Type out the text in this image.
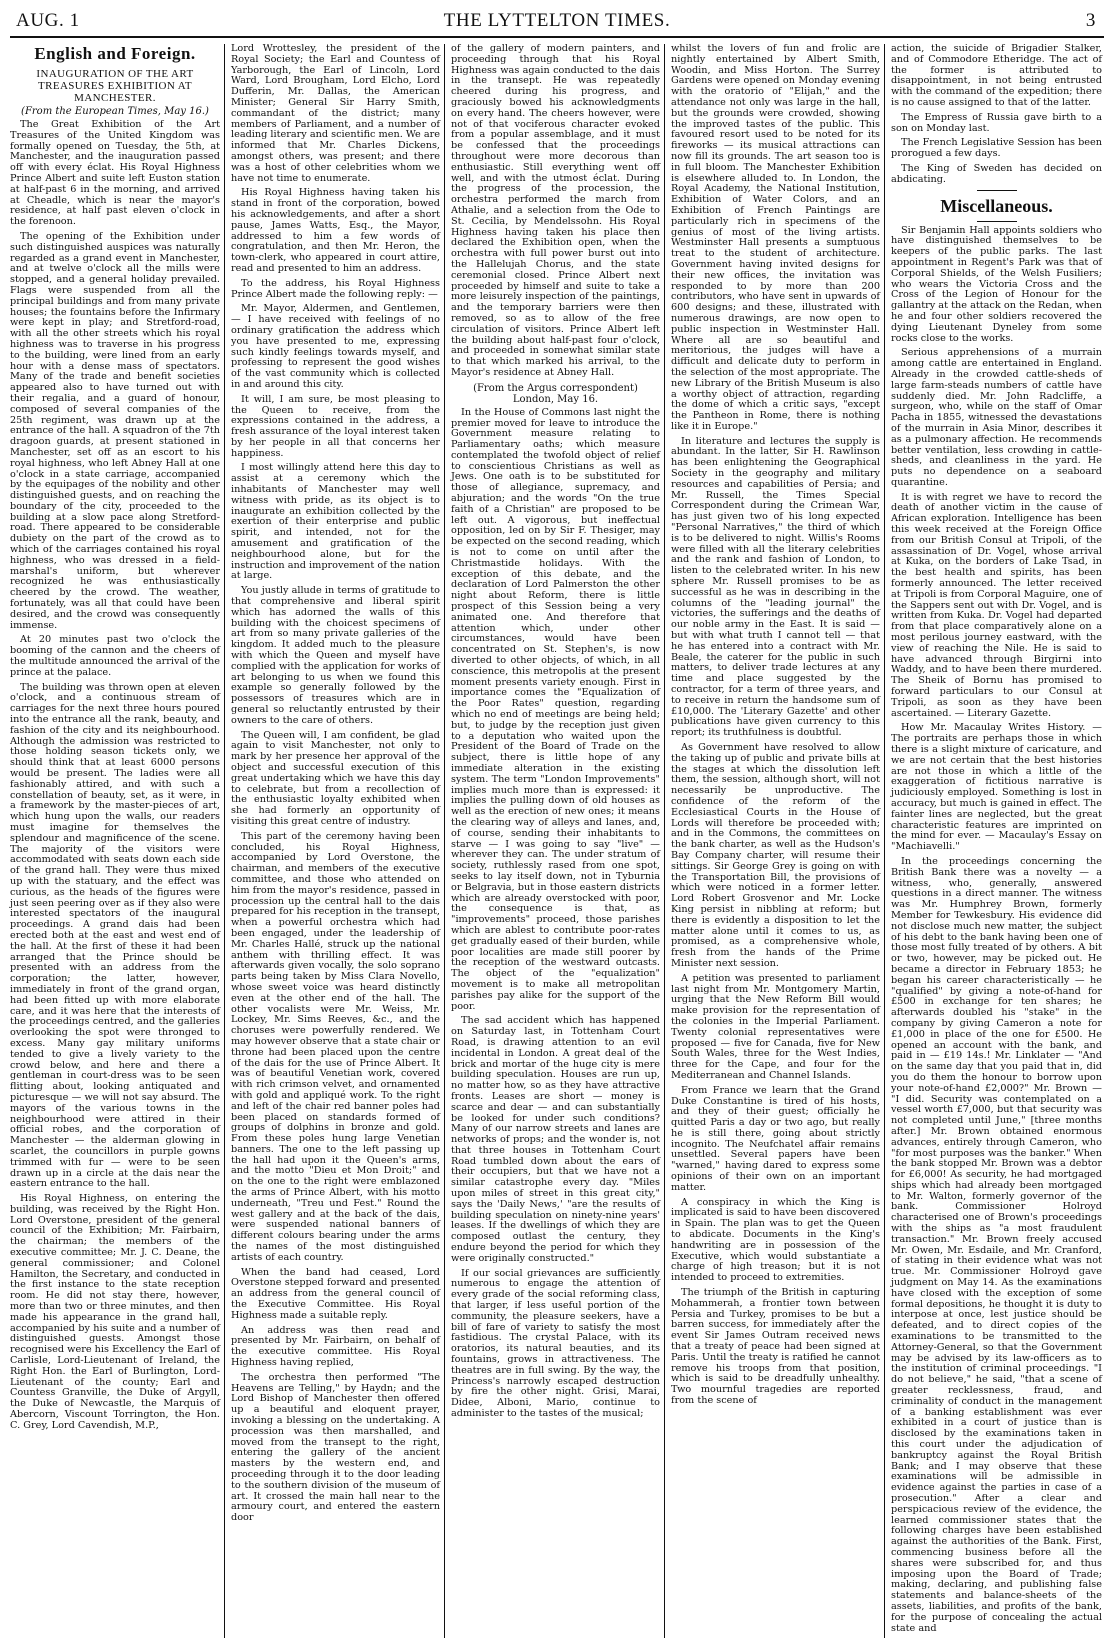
AUG. 1	THE LYTTELTON TIMES.	3
English and Foreign.
INAUGURATION OF THE ART TREASURES EXHIBITION AT MANCHESTER.
(From the European Times, May 16.)

The Great Exhibition of the Art Treasures of the United Kingdom was formally opened on Tuesday, the 5th, at Manchester, and the inauguration passed off with every éclat. His Royal Highness Prince Albert and suite left Euston station at half-past 6 in the morning, and arrived at Cheadle, which is near the mayor's residence, at half past eleven o'clock in the forenoon.

The opening of the Exhibition under such distinguished auspices was naturally regarded as a grand event in Manchester, and at twelve o'clock all the mills were stopped, and a general holiday prevailed. Flags were suspended from all the principal buildings and from many private houses; the fountains before the Infirmary were kept in play; and Stretford-road, with all the other streets which his royal highness was to traverse in his progress to the building, were lined from an early hour with a dense mass of spectators. Many of the trade and benefit societies appeared also to have turned out with their regalia, and a guard of honour, composed of several companies of the 25th regiment, was drawn up at the entrance of the hall. A squadron of the 7th dragoon guards, at present stationed in Manchester, set off as an escort to his royal highness, who left Abney Hall at one o'clock in a state carriage, accompanied by the equipages of the nobility and other distinguished guests, and on reaching the boundary of the city, proceeded to the building at a slow pace along Stretford-road. There appeared to be considerable dubiety on the part of the crowd as to which of the carriages contained his royal highness, who was dressed in a field-marshal's uniform, but wherever recognized he was enthusiastically cheered by the crowd. The weather, fortunately, was all that could have been desired, and the crowd was consequently immense.

At 20 minutes past two o'clock the booming of the cannon and the cheers of the multitude announced the arrival of the prince at the palace.

The building was thrown open at eleven o'clock, and a continuous stream of carriages for the next three hours poured into the entrance all the rank, beauty, and fashion of the city and its neighbourhood. Although the admission was restricted to those holding season tickets only, we should think that at least 6000 persons would be present. The ladies were all fashionably attired, and with such a constellation of beauty, set, as it were, in a framework by the master-pieces of art, which hung upon the walls, our readers must imagine for themselves the splendour and magnificence of the scene. The majority of the visitors were accommodated with seats down each side of the grand hall. They were thus mixed up with the statuary, and the effect was curious, as the heads of the figures were just seen peering over as if they also were interested spectators of the inaugural proceedings. A grand dais had been erected both at the east and west end of the hall. At the first of these it had been arranged that the Prince should be presented with an address from the corporation; the latter, however, immediately in front of the grand organ, had been fitted up with more elaborate care, and it was here that the interests of the proceedings centred, and the galleries overlooking the spot were thronged to excess. Many gay military uniforms tended to give a lively variety to the crowd below, and here and there a gentleman in court-dress was to be seen flitting about, looking antiquated and picturesque — we will not say absurd. The mayors of the various towns in the neighbourhood were attired in their official robes, and the corporation of Manchester — the alderman glowing in scarlet, the councillors in purple gowns trimmed with fur — were to be seen drawn up in a circle at the dais near the eastern entrance to the hall.

His Royal Highness, on entering the building, was received by the Right Hon. Lord Overstone, president of the general council of the Exhibition; Mr. Fairbairn, the chairman; the members of the executive committee; Mr. J. C. Deane, the general commissioner; and Colonel Hamilton, the Secretary, and conducted in the first instance to the state reception room. He did not stay there, however, more than two or three minutes, and then made his appearance in the grand hall, accompanied by his suite and a number of distinguished guests. Amongst those recognised were his Excellency the Earl of Carlisle, Lord-Lieutenant of Ireland, the Right Hon. the Earl of Burlington, Lord-Lieutenant of the county; Earl and Countess Granville, the Duke of Argyll, the Duke of Newcastle, the Marquis of Abercorn, Viscount Torrington, the Hon. C. Grey, Lord Cavendish, M.P.,

Lord Wrottesley, the president of the Royal Society; the Earl and Countess of Yarborough, the Earl of Lincoln, Lord Ward, Lord Brougham, Lord Elcho, Lord Dufferin, Mr. Dallas, the American Minister; General Sir Harry Smith, commandant of the district; many members of Parliament, and a number of leading literary and scientific men. We are informed that Mr. Charles Dickens, amongst others, was present; and there was a host of other celebrities whom we have not time to enumerate.

His Royal Highness having taken his stand in front of the corporation, bowed his acknowledgements, and after a short pause, James Watts, Esq., the Mayor, addressed to him a few words of congratulation, and then Mr. Heron, the town-clerk, who appeared in court attire, read and presented to him an address.

To the address, his Royal Highness Prince Albert made the following reply: —

Mr. Mayor, Aldermen, and Gentlemen, — I have received with feelings of no ordinary gratification the address which you have presented to me, expressing such kindly feelings towards myself, and professing to represent the good wishes of the vast community which is collected in and around this city.

It will, I am sure, be most pleasing to the Queen to receive, from the expressions contained in the address, a fresh assurance of the loyal interest taken by her people in all that concerns her happiness.

I most willingly attend here this day to assist at a ceremony which the inhabitants of Manchester may well witness with pride, as its object is to inaugurate an exhibition collected by the exertion of their enterprise and public spirit, and intended, not for the amusement and gratification of the neighbourhood alone, but for the instruction and improvement of the nation at large.

You justly allude in terms of gratitude to that comprehensive and liberal spirit which has adorned the walls of this building with the choicest specimens of art from so many private galleries of the kingdom. It added much to the pleasure with which the Queen and myself have complied with the application for works of art belonging to us when we found this example so generally followed by the possessors of treasures which are in general so reluctantly entrusted by their owners to the care of others.

The Queen will, I am confident, be glad again to visit Manchester, not only to mark by her presence her approval of the object and successful execution of this great undertaking which we have this day to celebrate, but from a recollection of the enthusiastic loyalty exhibited when she had formerly an opportunity of visiting this great centre of industry.

This part of the ceremony having been concluded, his Royal Highness, accompanied by Lord Overstone, the chairman, and members of the executive committee, and those who attended on him from the mayor's residence, passed in procession up the central hall to the dais prepared for his reception in the transept, when a powerful orchestra which had been engaged, under the leadership of Mr. Charles Hallé, struck up the national anthem with thrilling effect. It was afterwards given vocally, the solo soprano parts being taken by Miss Clara Novello, whose sweet voice was heard distinctly even at the other end of the hall. The other vocalists were Mr. Weiss, Mr. Lockey, Mr. Sims Reeves, &c., and the choruses were powerfully rendered. We may however observe that a state chair or throne had been placed upon the centre of the dais for the use of Prince Albert. It was of beautiful Venetian work, covered with rich crimson velvet, and ornamented with gold and appliqué work. To the right and left of the chair red banner poles had been placed on standards formed of groups of dolphins in bronze and gold. From these poles hung large Venetian banners. The one to the left passing up the hall had upon it the Queen's arms, and the motto "Dieu et Mon Droit;" and on the one to the right were emblazoned the arms of Prince Albert, with his motto underneath, "Treu und Fest." Round the west gallery and at the back of the dais, were suspended national banners of different colours bearing under the arms the names of the most distinguished artists of each country.

When the band had ceased, Lord Overstone stepped forward and presented an address from the general council of the Executive Committee. His Royal Highness made a suitable reply.

An address was then read and presented by Mr. Fairbairn, on behalf of the executive committee. His Royal Highness having replied,

The orchestra then performed "The Heavens are Telling," by Haydn; and the Lord Bishop of Manchester then offered up a beautiful and eloquent prayer, invoking a blessing on the undertaking. A procession was then marshalled, and moved from the transept to the right, entering the gallery of the ancient masters by the western end, and proceeding through it to the door leading to the southern division of the museum of art. It crossed the main hall near to the armoury court, and entered the eastern door

of the gallery of modern painters, and proceeding through that his Royal Highness was again conducted to the dais in the transept. He was repeatedly cheered during his progress, and graciously bowed his acknowledgments on every hand. The cheers however, were not of that vociferous character evoked from a popular assemblage, and it must be confessed that the proceedings throughout were more decorous than enthusiastic. Still everything went off well, and with the utmost éclat. During the progress of the procession, the orchestra performed the march from Athalie, and a selection from the Ode to St. Cecilia, by Mendelssohn. His Royal Highness having taken his place then declared the Exhibition open, when the orchestra with full power burst out into the Hallelujah Chorus, and the state ceremonial closed. Prince Albert next proceeded by himself and suite to take a more leisurely inspection of the paintings, and the temporary barriers were then removed, so as to allow of the free circulation of visitors. Prince Albert left the building about half-past four o'clock, and proceeded in somewhat similar state to that which marked his arrival, to the Mayor's residence at Abney Hall.

(From the Argus correspondent) London, May 16.

In the House of Commons last night the premier moved for leave to introduce the Government measure relating to Parliamentary oaths; which measure contemplated the twofold object of relief to conscientious Christians as well as Jews. One oath is to be substituted for those of allegiance, supremacy, and abjuration; and the words "On the true faith of a Christian" are proposed to be left out. A vigorous, but ineffectual opposition, led on by Sir F. Thesiger, may be expected on the second reading, which is not to come on until after the Christmastide holidays. With the exception of this debate, and the declaration of Lord Palmerston the other night about Reform, there is little prospect of this Session being a very animated one. And therefore that attention which, under other circumstances, would have been concentrated on St. Stephen's, is now diverted to other objects, of which, in all conscience, this metropolis at the present moment presents variety enough. First in importance comes the "Equalization of the Poor Rates" question, regarding which no end of meetings are being held; but, to judge by the reception just given to a deputation who waited upon the President of the Board of Trade on the subject, there is little hope of any immediate alteration in the existing system. The term "London Improvements" implies much more than is expressed: it implies the pulling down of old houses as well as the erection of new ones; it means the clearing way of alleys and lanes, and, of course, sending their inhabitants to starve — I was going to say "live" — wherever they can. The under stratum of society, ruthlessly rased from one spot, seeks to lay itself down, not in Tyburnia or Belgravia, but in those eastern districts which are already overstocked with poor, the consequence is that, as "improvements" proceed, those parishes which are ablest to contribute poor-rates get gradually eased of their burden, while poor localities are made still poorer by the reception of the westward outcasts. The object of the "equalization" movement is to make all metropolitan parishes pay alike for the support of the poor.

The sad accident which has happened on Saturday last, in Tottenham Court Road, is drawing attention to an evil incidental in London. A great deal of the brick and mortar of the huge city is mere building speculation. Houses are run up, no matter how, so as they have attractive fronts. Leases are short — money is scarce and dear — and can substantially be looked for under such conditions? Many of our narrow streets and lanes are networks of props; and the wonder is, not that three houses in Tottenham Court Road tumbled down about the ears of their occupiers, but that we have not a similar catastrophe every day. "Miles upon miles of street in this great city," says the 'Daily News,' "are the results of building speculation on ninety-nine years' leases. If the dwellings of which they are composed outlast the century, they endure beyond the period for which they were originally constructed."

If our social grievances are sufficiently numerous to engage the attention of every grade of the social reforming class, that larger, if less useful portion of the community, the pleasure seekers, have a bill of fare of variety to satisfy the most fastidious. The crystal Palace, with its oratorios, its natural beauties, and its fountains, grows in attractiveness. The theatres are in full swing. By the way, the Princess's narrowly escaped destruction by fire the other night. Grisi, Marai, Didee, Alboni, Mario, continue to administer to the tastes of the musical;

whilst the lovers of fun and frolic are nightly entertained by Albert Smith, Woodin, and Miss Horton. The Surrey Gardens were opened on Monday evening with the oratorio of "Elijah," and the attendance not only was large in the hall, but the grounds were crowded, showing the improved tastes of the public. This favoured resort used to be noted for its fireworks — its musical attractions can now fill its grounds. The art season too is in full bloom. The Manchester Exhibition is elsewhere alluded to. In London, the Royal Academy, the National Institution, Exhibition of Water Colors, and an Exhibition of French Paintings are particularly rich in specimens of the genius of most of the living artists. Westminster Hall presents a sumptuous treat to the student of architecture. Government having invited designs for their new offices, the invitation was responded to by more than 200 contributors, who have sent in upwards of 600 designs; and these, illustrated with numerous drawings, are now open to public inspection in Westminster Hall. Where all are so beautiful and meritorious, the judges will have a difficult and delicate duty to perform in the selection of the most appropriate. The new Library of the British Museum is also a worthy object of attraction, regarding the dome of which a critic says, "except the Pantheon in Rome, there is nothing like it in Europe."

In literature and lectures the supply is abundant. In the latter, Sir H. Rawlinson has been enlightening the Geographical Society in the geography and military resources and capabilities of Persia; and Mr. Russell, the Times Special Correspondent during the Crimean War, has just given two of his long expected "Personal Narratives," the third of which is to be delivered to night. Willis's Rooms were filled with all the literary celebrities and the rank and fashion of London, to listen to the celebrated writer. In his new sphere Mr. Russell promises to be as successful as he was in describing in the columns of the "leading journal" the victories, the sufferings and the deaths of our noble army in the East. It is said — but with what truth I cannot tell — that he has entered into a contract with Mr. Beale, the caterer for the public in such matters, to deliver trade lectures at any time and place suggested by the contractor, for a term of three years, and to receive in return the handsome sum of £10,000. The 'Literary Gazette' and other publications have given currency to this report; its truthfulness is doubtful.

As Government have resolved to allow the taking up of public and private bills at the stages at which the dissolution left them, the session, although short, will not necessarily be unproductive. The confidence of the reform of the Ecclesiastical Courts in the House of Lords will therefore be proceeded with; and in the Commons, the committees on the bank charter, as well as the Hudson's Bay Company charter, will resume their sittings. Sir George Grey is going on with the Transportation Bill, the provisions of which were noticed in a former letter. Lord Robert Grosvenor and Mr. Locke King persist in nibbling at reform; but there is evidently a disposition to let the matter alone until it comes to us, as promised, as a comprehensive whole, fresh from the hands of the Prime Minister next session.

A petition was presented to parliament last night from Mr. Montgomery Martin, urging that the New Reform Bill would make provision for the representation of the colonies in the Imperial Parliament. Twenty colonial representatives were proposed — five for Canada, five for New South Wales, three for the West Indies, three for the Cape, and four for the Mediterranean and Channel Islands.

From France we learn that the Grand Duke Constantine is tired of his hosts, and they of their guest; officially he quitted Paris a day or two ago, but really he is still there, going about strictly incognito. The Neufchatel affair remains unsettled. Several papers have been "warned," having dared to express some opinions of their own on an important matter.

A conspiracy in which the King is implicated is said to have been discovered in Spain. The plan was to get the Queen to abdicate. Documents in the King's handwriting are in possession of the Executive, which would substantiate a charge of high treason; but it is not intended to proceed to extremities.

The triumph of the British in capturing Mohammerah, a frontier town between Persia and Turkey, promises to be but a barren success, for immediately after the event Sir James Outram received news that a treaty of peace had been signed at Paris. Until the treaty is ratified he cannot remove his troops from that position, which is said to be dreadfully unhealthy. Two mournful tragedies are reported from the scene of

action, the suicide of Brigadier Stalker, and of Commodore Etheridge. The act of the former is attributed to disappointment, in not being entrusted with the command of the expedition; there is no cause assigned to that of the latter.

The Empress of Russia gave birth to a son on Monday last.

The French Legislative Session has been prorogued a few days.

The King of Sweden has decided on abdicating.

Miscellaneous.

Sir Benjamin Hall appoints soldiers who have distinguished themselves to be keepers of the public parks. The last appointment in Regent's Park was that of Corporal Shields, of the Welsh Fusiliers; who wears the Victoria Cross and the Cross of the Legion of Honour for the gallantry at the attack on the Redan, when he and four other soldiers recovered the dying Lieutenant Dyneley from some rocks close to the works.

Serious apprehensions of a murrain among cattle are entertained in England. Already in the crowded cattle-sheds of large farm-steads numbers of cattle have suddenly died. Mr. John Radcliffe, a surgeon, who, while on the staff of Omar Pacha in 1855, witnessed the devastations of the murrain in Asia Minor, describes it as a pulmonary affection. He recommends better ventilation, less crowding in cattle-sheds, and cleanliness in the yard. He puts no dependence on a seaboard quarantine.

It is with regret we have to record the death of another victim in the cause of African exploration. Intelligence has been this week received at the Foreign Office from our British Consul at Tripoli, of the assassination of Dr. Vogel, whose arrival at Kuka, on the borders of Lake Tsad, in the best health and spirits, has been formerly announced. The letter received at Tripoli is from Corporal Maguire, one of the Sappers sent out with Dr. Vogel, and is written from Kuka. Dr. Vogel had departed from that place comparatively alone on a most perilous journey eastward, with the view of reaching the Nile. He is said to have advanced through Birgirni into Waddy, and to have been there murdered. The Sheik of Bornu has promised to forward particulars to our Consul at Tripoli, as soon as they have been ascertained. — Literary Gazette.

How Mr. Macaulay Writes History. — The portraits are perhaps those in which there is a slight mixture of caricature, and we are not certain that the best histories are not those in which a little of the exaggeration of fictitious narrative is judiciously employed. Something is lost in accuracy, but much is gained in effect. The fainter lines are neglected, but the great characteristic features are imprinted on the mind for ever. — Macaulay's Essay on "Machiavelli."

In the proceedings concerning the British Bank there was a novelty — a witness, who, generally, answered questions in a direct manner. The witness was Mr. Humphrey Brown, formerly Member for Tewkesbury. His evidence did not disclose much new matter, the subject of his debt to the bank having been one of those most fully treated of by others. A bit or two, however, may be picked out. He became a director in February 1853; he began his career characteristically — he "qualified" by giving a note-of-hand for £500 in exchange for ten shares; he afterwards doubled his "stake" in the company by giving Cameron a note for £1,000 in place of the one for £500. He opened an account with the bank, and paid in — £19 14s.! Mr. Linklater — "And on the same day that you paid that in, did you do them the honour to borrow upon your note-of-hand £2,000?" Mr. Brown — "I did. Security was contemplated on a vessel worth £7,000, but that security was not completed until June," [three months after.] Mr. Brown obtained enormous advances, entirely through Cameron, who "for most purposes was the banker." When the bank stopped Mr. Brown was a debtor for £6,000! As security, he had mortgaged ships which had already been mortgaged to Mr. Walton, formerly governor of the bank. Commissioner Holroyd characterised one of Brown's proceedings with the ships as "a most fraudulent transaction." Mr. Brown freely accused Mr. Owen, Mr. Esdaile, and Mr. Cranford, of stating in their evidence what was not true. Mr. Commissioner Holroyd gave judgment on May 14. As the examinations have closed with the exception of some formal depositions, he thought it is duty to interpose at once, lest justice should be defeated, and to direct copies of the examinations to be transmitted to the Attorney-General, so that the Government may be advised by its law-officers as to the institution of criminal proceedings. "I do not believe," he said, "that a scene of greater recklessness, fraud, and criminality of conduct in the management of a banking establishment was ever exhibited in a court of justice than is disclosed by the examinations taken in this court under the adjudication of bankruptcy against the Royal British Bank; and I may observe that these examinations will be admissible in evidence against the parties in case of a prosecution." After a clear and perspicacious review of the evidence, the learned commissioner states that the following charges have been established against the authorities of the Bank. First, commencing business before all the shares were subscribed for, and thus imposing upon the Board of Trade; making, declaring, and publishing false statements and balance-sheets of the assets, liabilities, and profits of the bank, for the purpose of concealing the actual state and
